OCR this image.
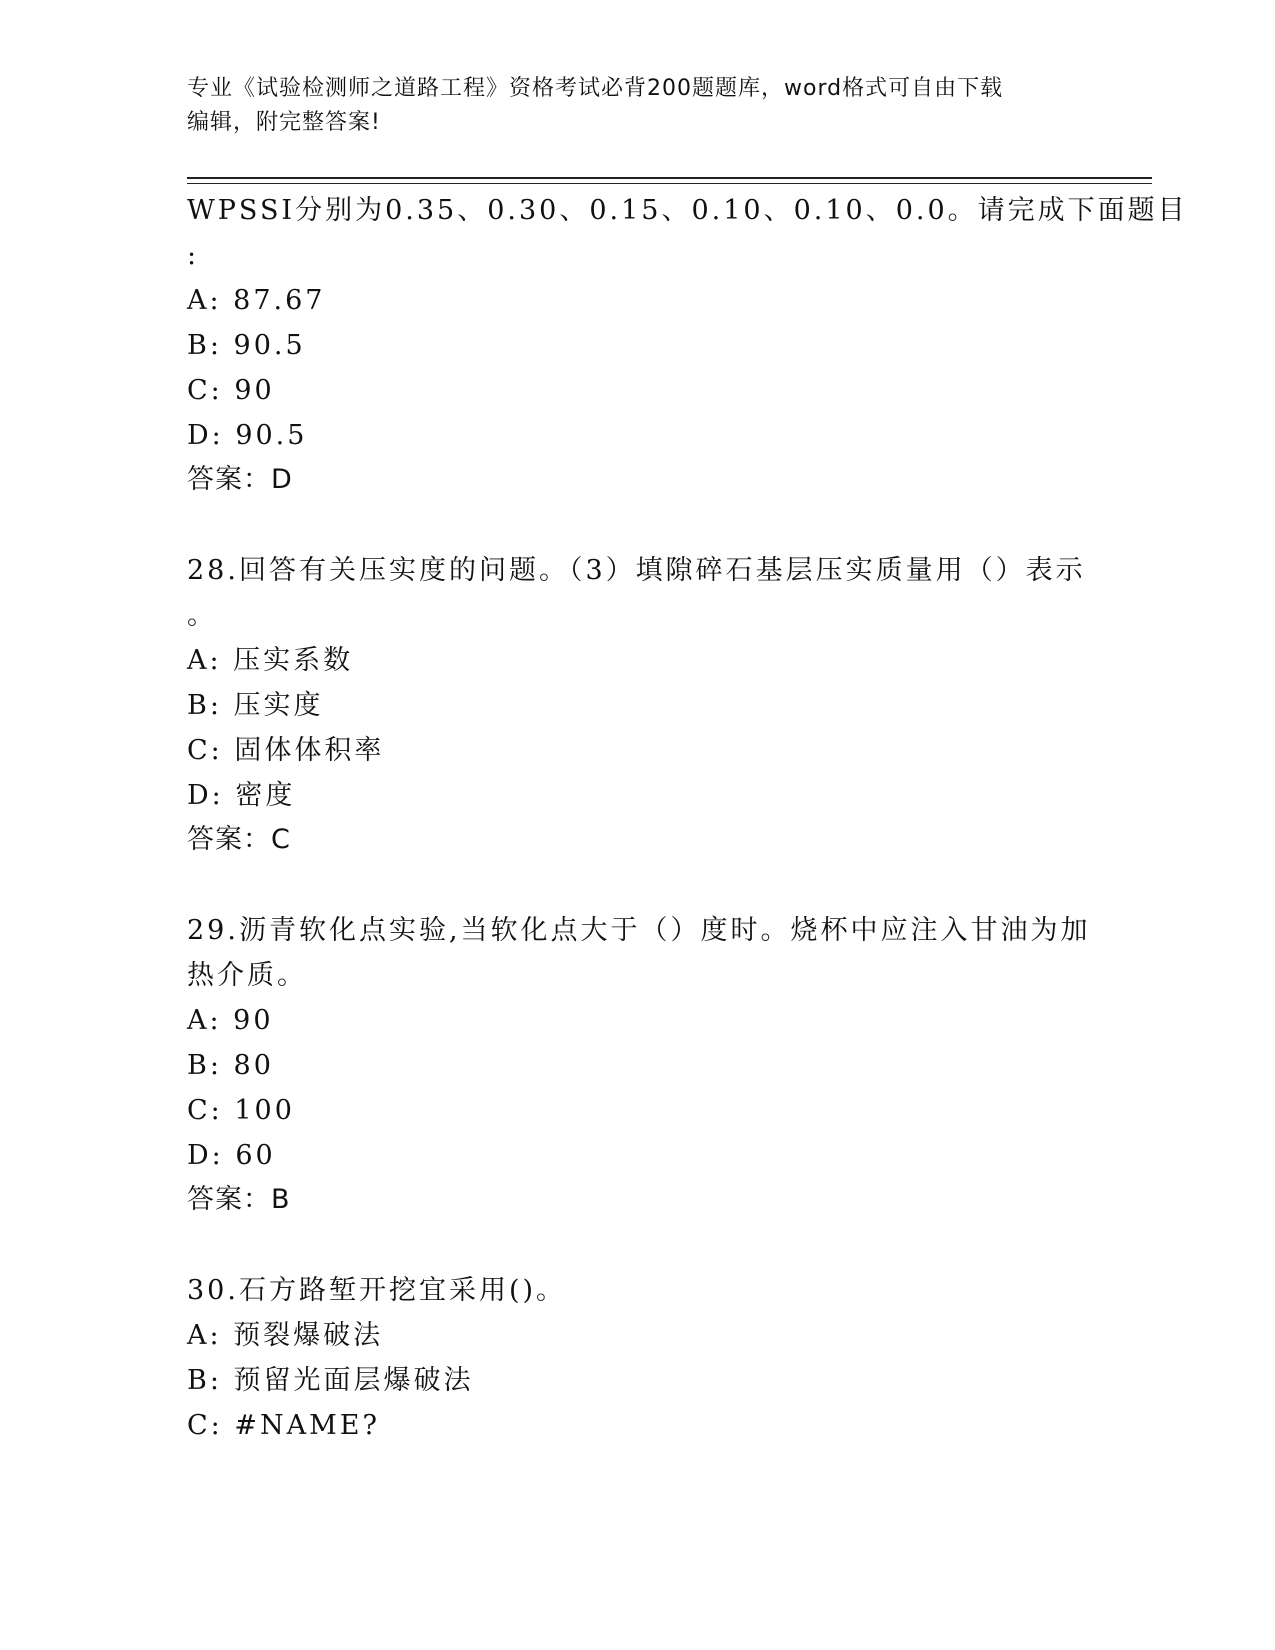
专业《试验检测师之道路工程》资格考试必背200题题库，word格式可自由下载
编辑，附完整答案!
WPSSI分别为0.35、0.30、0.15、0.10、0.10、0.0。请完成下面题目
:
A: 87.67
B: 90.5
C: 90
D: 90.5
答案：D
28.回答有关压实度的问题。（3）填隙碎石基层压实质量用（）表示
。
A: 压实系数
B: 压实度
C: 固体体积率
D: 密度
答案：C
29.沥青软化点实验,当软化点大于（）度时。烧杯中应注入甘油为加
热介质。
A: 90
B: 80
C: 100
D: 60
答案：B
30.石方路堑开挖宜采用()。
A: 预裂爆破法
B: 预留光面层爆破法
C: #NAME?
